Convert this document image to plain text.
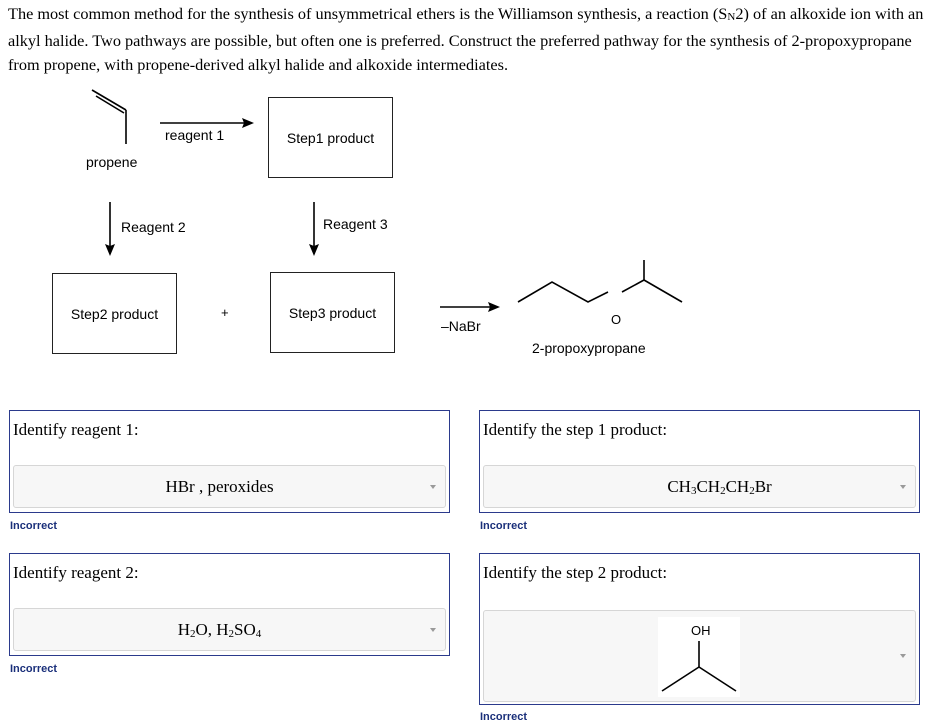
The most common method for the synthesis of unsymmetrical ethers is the Williamson synthesis, a reaction $(S_N2)$ of an alkoxide ion with an alkyl halide. Two pathways are possible, but often one is preferred. Construct the preferred pathway for the synthesis of 2-propoxypropane from propene, with propene-derived alkyl halide and alkoxide intermediates.
propene
reagent 1	Step1 product
Reagent 2	Reagent 3
Step2 product	+	Step3 product
–NaBr	O
2-propoxypropane
Identify reagent 1:
HBr , peroxides
Incorrect
Identify the step 1 product:
$CH_3$ $CH_2$ $CH_2$ Br
Incorrect
Identify reagent 2:
$H_2$ O, $H_2$ $SO_4$
Incorrect
Identify the step 2 product:
OH
Incorrect
